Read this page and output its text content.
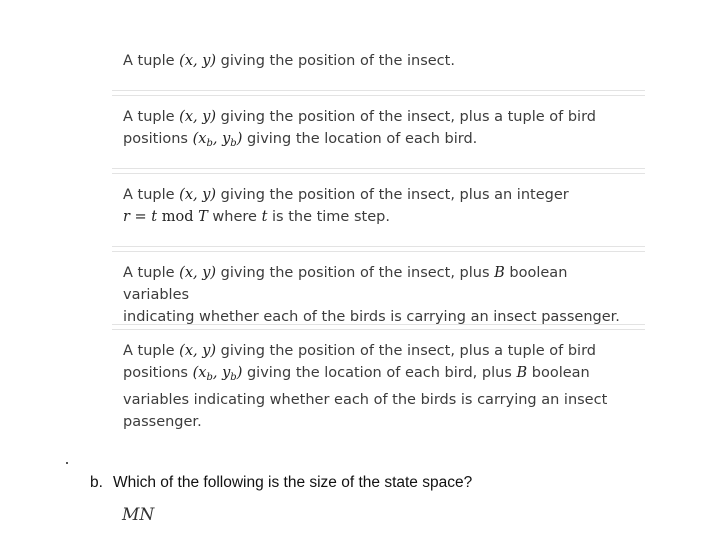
A tuple (x, y) giving the position of the insect.
A tuple (x, y) giving the position of the insect, plus a tuple of bird
positions ($x_b$, $y_b$) giving the location of each bird.
A tuple (x, y) giving the position of the insect, plus an integer
r = t mod T where t is the time step.
A tuple (x, y) giving the position of the insect, plus B boolean variables
indicating whether each of the birds is carrying an insect passenger.
A tuple (x, y) giving the position of the insect, plus a tuple of bird
positions ($x_b$, $y_b$) giving the location of each bird, plus B boolean
variables indicating whether each of the birds is carrying an insect
passenger.
b. Which of the following is the size of the state space?
MN
